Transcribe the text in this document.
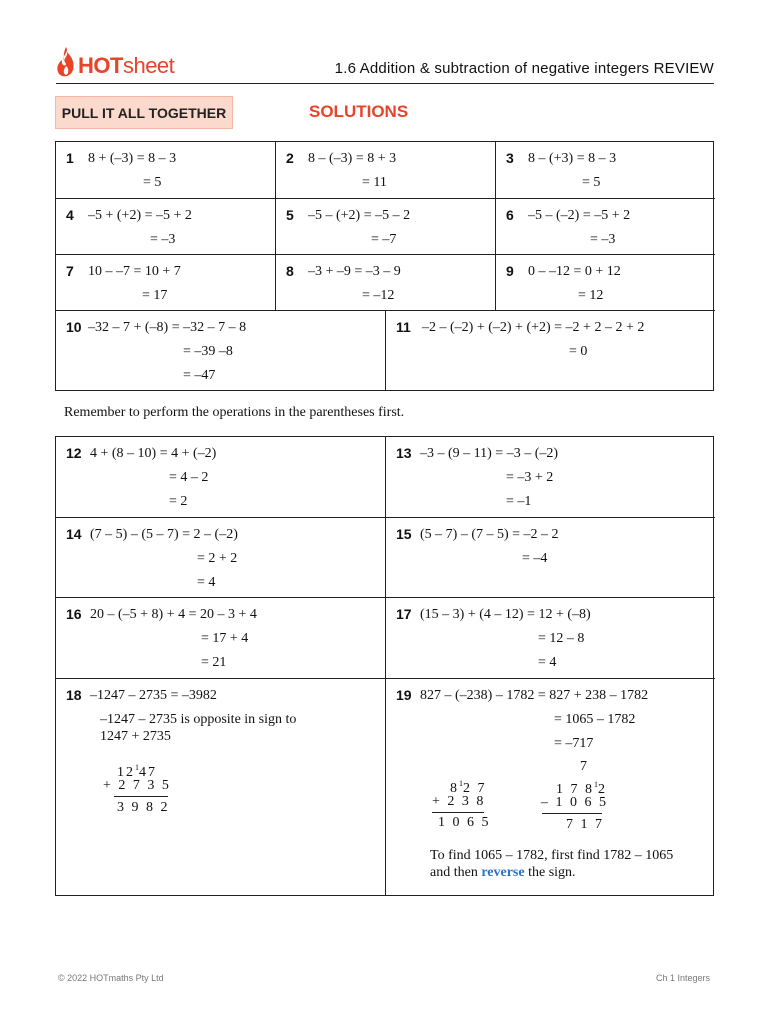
HOTsheet	1.6 Addition & subtraction of negative integers REVIEW
PULL IT ALL TOGETHER	SOLUTIONS
1 8 + (–3) = 8 – 3
= 5
2 8 – (–3) = 8 + 3
= 11
3 8 – (+3) = 8 – 3
= 5
4 –5 + (+2) = –5 + 2
= –3
5 –5 – (+2) = –5 – 2
= –7
6 –5 – (–2) = –5 + 2
= –3
7 10 – –7 = 10 + 7
= 17
8 –3 + –9 = –3 – 9
= –12
9 0 – –12 = 0 + 12
= 12
10 –32 – 7 + (–8) = –32 – 7 – 8
= –39 –8
= –47
11 –2 – (–2) + (–2) + (+2) = –2 + 2 – 2 + 2
= 0
Remember to perform the operations in the parentheses first.
12 4 + (8 – 10) = 4 + (–2)
= 4 – 2
= 2
13 –3 – (9 – 11) = –3 – (–2)
= –3 + 2
= –1
14 (7 – 5) – (5 – 7) = 2 – (–2)
= 2 + 2
= 4
15 (5 – 7) – (7 – 5) = –2 – 2
= –4
16 20 – (–5 + 8) + 4 = 20 – 3 + 4
= 17 + 4
= 21
17 (15 – 3) + (4 – 12) = 12 + (–8)
= 12 – 8
= 4
18 –1247 – 2735 = –3982
–1247 – 2735 is opposite in sign to
1247 + 2735
$12^147$
+ 2 7 3 5
3 9 8 2
19 827 – (–238) – 1782 = 827 + 238 – 1782
= 1065 – 1782
= –717
$8^12$ 7
+ 2 3 8
1 0 6 5
7
1 7 $8^12$
– 1 0 6 5
7 1 7
To find 1065 – 1782, first find 1782 – 1065
and then reverse the sign.
© 2022 HOTmaths Pty Ltd	Ch 1 Integers
